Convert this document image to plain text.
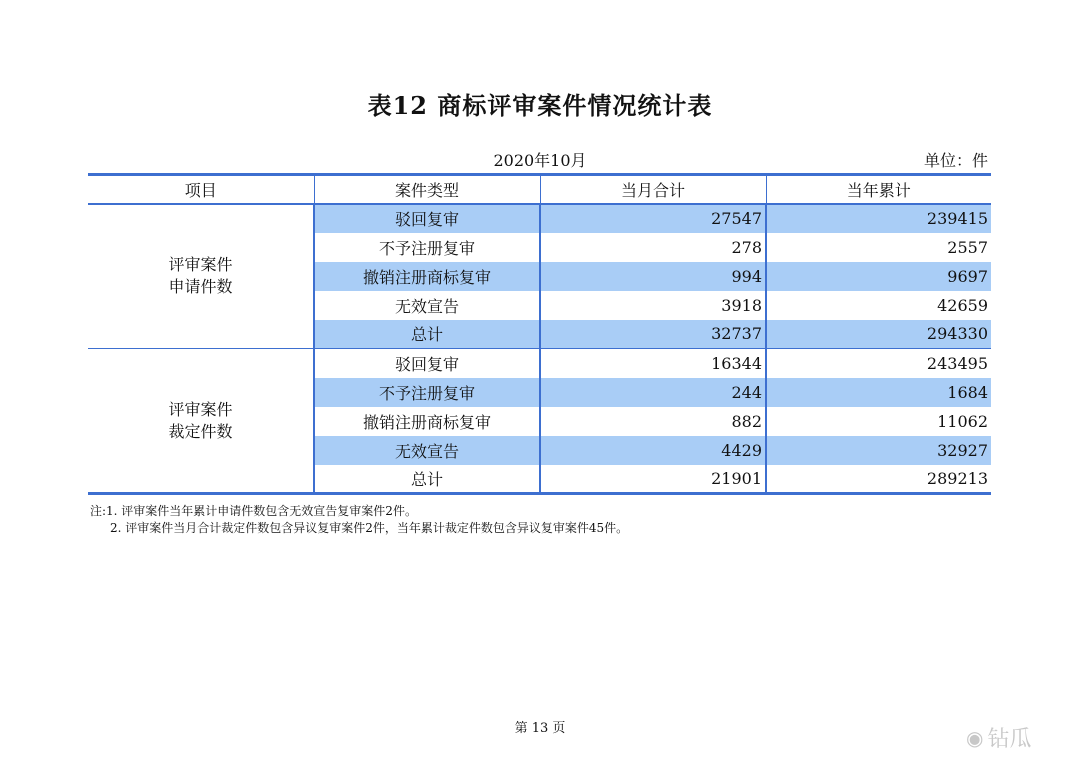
表12 商标评审案件情况统计表
2020年10月	单位：件
项目	案件类型	当月合计	当年累计
评审案件
申请件数	驳回复审	27547	239415
	不予注册复审	278	2557
	撤销注册商标复审	994	9697
	无效宣告	3918	42659
	总计	32737	294330
评审案件
裁定件数	驳回复审	16344	243495
	不予注册复审	244	1684
	撤销注册商标复审	882	11062
	无效宣告	4429	32927
	总计	21901	289213
注:1. 评审案件当年累计申请件数包含无效宣告复审案件2件。
2. 评审案件当月合计裁定件数包含异议复审案件2件，当年累计裁定件数包含异议复审案件45件。
第 13 页	◉ 钻瓜
